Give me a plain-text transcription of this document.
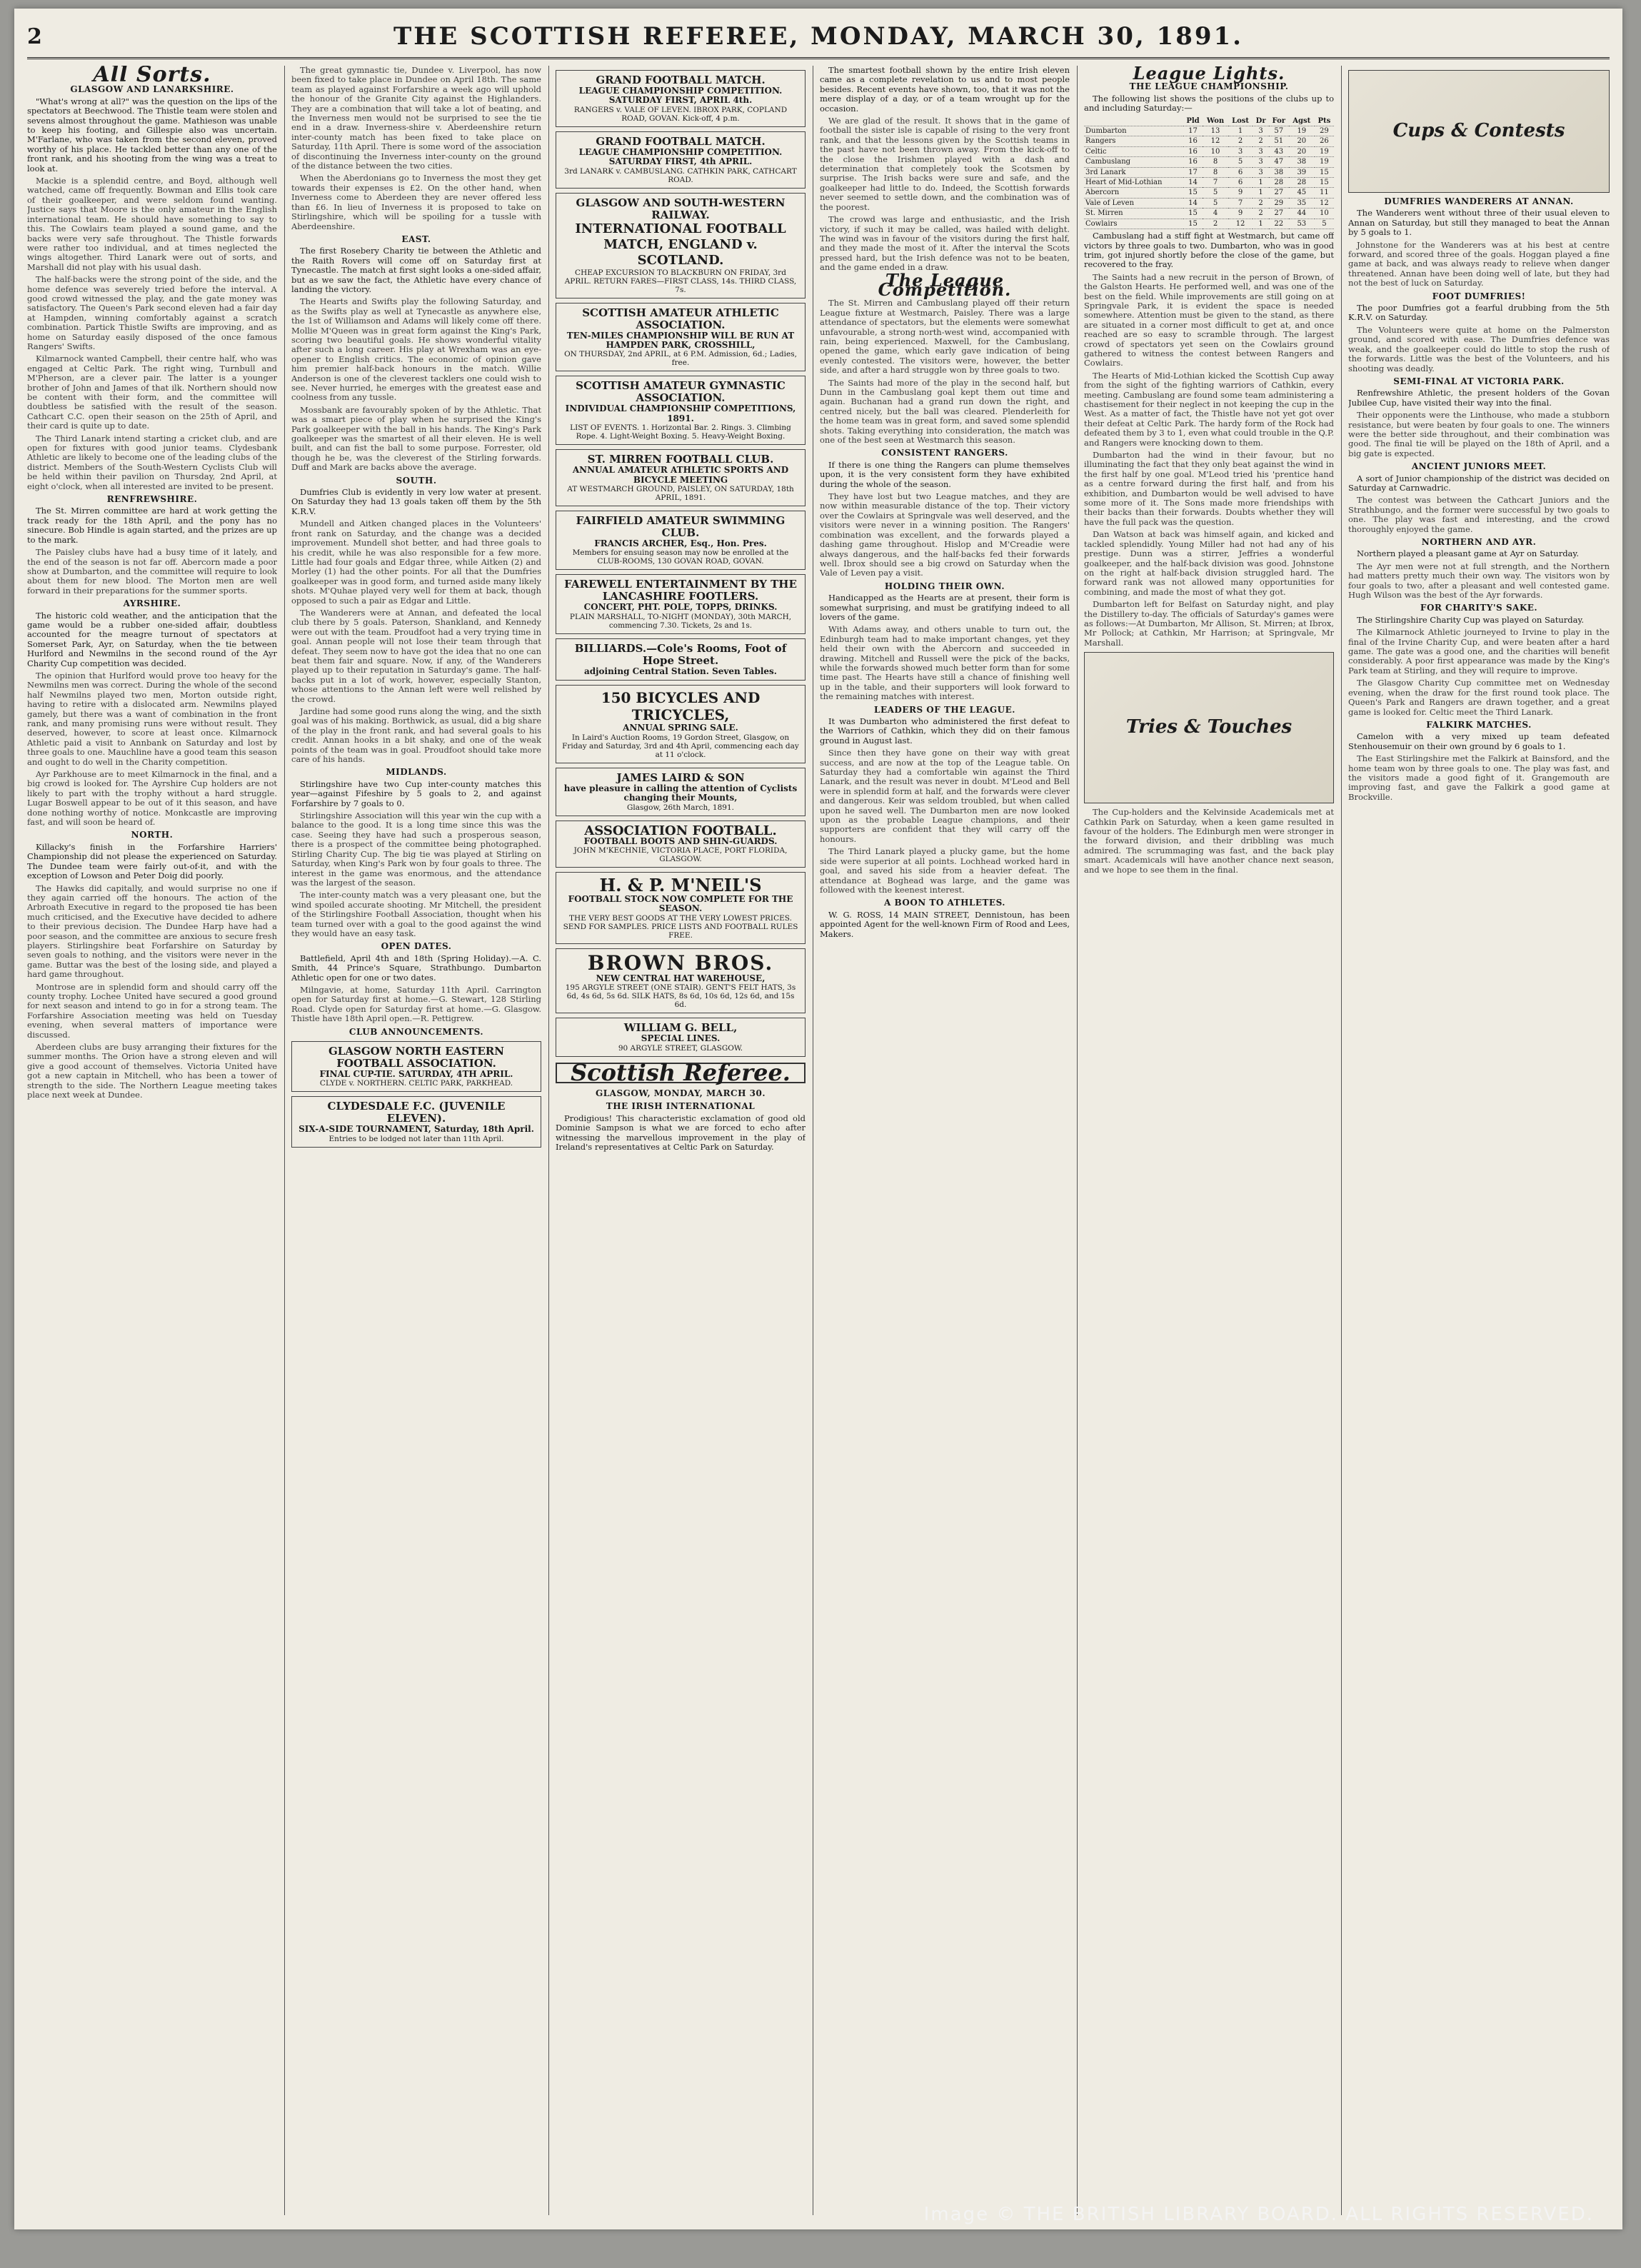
2	THE SCOTTISH REFEREE, MONDAY, MARCH 30, 1891.
All Sorts.
GLASGOW AND LANARKSHIRE.

"What's wrong at all?" was the question on the lips of the spectators at Beechwood. The Thistle team were stolen and sevens almost throughout the game. Mathieson was unable to keep his footing, and Gillespie also was uncertain. M'Farlane, who was taken from the second eleven, proved worthy of his place. He tackled better than any one of the front rank, and his shooting from the wing was a treat to look at.

Mackie is a splendid centre, and Boyd, although well watched, came off frequently. Bowman and Ellis took care of their goalkeeper, and were seldom found wanting. Justice says that Moore is the only amateur in the English international team. He should have something to say to this. The Cowlairs team played a sound game, and the backs were very safe throughout. The Thistle forwards were rather too individual, and at times neglected the wings altogether. Third Lanark were out of sorts, and Marshall did not play with his usual dash.

The half-backs were the strong point of the side, and the home defence was severely tried before the interval. A good crowd witnessed the play, and the gate money was satisfactory. The Queen's Park second eleven had a fair day at Hampden, winning comfortably against a scratch combination. Partick Thistle Swifts are improving, and as home on Saturday easily disposed of the once famous Rangers' Swifts.

Kilmarnock wanted Campbell, their centre half, who was engaged at Celtic Park. The right wing, Turnbull and M'Pherson, are a clever pair. The latter is a younger brother of John and James of that ilk. Northern should now be content with their form, and the committee will doubtless be satisfied with the result of the season. Cathcart C.C. open their season on the 25th of April, and their card is quite up to date.

The Third Lanark intend starting a cricket club, and are open for fixtures with good junior teams. Clydesbank Athletic are likely to become one of the leading clubs of the district. Members of the South-Western Cyclists Club will be held within their pavilion on Thursday, 2nd April, at eight o'clock, when all interested are invited to be present.

RENFREWSHIRE.

The St. Mirren committee are hard at work getting the track ready for the 18th April, and the pony has no sinecure. Bob Hindle is again started, and the prizes are up to the mark.

The Paisley clubs have had a busy time of it lately, and the end of the season is not far off. Abercorn made a poor show at Dumbarton, and the committee will require to look about them for new blood. The Morton men are well forward in their preparations for the summer sports.

AYRSHIRE.

The historic cold weather, and the anticipation that the game would be a rubber one-sided affair, doubtless accounted for the meagre turnout of spectators at Somerset Park, Ayr, on Saturday, when the tie between Hurlford and Newmilns in the second round of the Ayr Charity Cup competition was decided.

The opinion that Hurlford would prove too heavy for the Newmilns men was correct. During the whole of the second half Newmilns played two men, Morton outside right, having to retire with a dislocated arm. Newmilns played gamely, but there was a want of combination in the front rank, and many promising runs were without result. They deserved, however, to score at least once. Kilmarnock Athletic paid a visit to Annbank on Saturday and lost by three goals to one. Mauchline have a good team this season and ought to do well in the Charity competition.

Ayr Parkhouse are to meet Kilmarnock in the final, and a big crowd is looked for. The Ayrshire Cup holders are not likely to part with the trophy without a hard struggle. Lugar Boswell appear to be out of it this season, and have done nothing worthy of notice. Monkcastle are improving fast, and will soon be heard of.

NORTH.

Killacky's finish in the Forfarshire Harriers' Championship did not please the experienced on Saturday. The Dundee team were fairly out-of-it, and with the exception of Lowson and Peter Doig did poorly.

The Hawks did capitally, and would surprise no one if they again carried off the honours. The action of the Arbroath Executive in regard to the proposed tie has been much criticised, and the Executive have decided to adhere to their previous decision. The Dundee Harp have had a poor season, and the committee are anxious to secure fresh players. Stirlingshire beat Forfarshire on Saturday by seven goals to nothing, and the visitors were never in the game. Buttar was the best of the losing side, and played a hard game throughout.

Montrose are in splendid form and should carry off the county trophy. Lochee United have secured a good ground for next season and intend to go in for a strong team. The Forfarshire Association meeting was held on Tuesday evening, when several matters of importance were discussed.

Aberdeen clubs are busy arranging their fixtures for the summer months. The Orion have a strong eleven and will give a good account of themselves. Victoria United have got a new captain in Mitchell, who has been a tower of strength to the side. The Northern League meeting takes place next week at Dundee.

The great gymnastic tie, Dundee v. Liverpool, has now been fixed to take place in Dundee on April 18th. The same team as played against Forfarshire a week ago will uphold the honour of the Granite City against the Highlanders. They are a combination that will take a lot of beating, and the Inverness men would not be surprised to see the tie end in a draw. Inverness-shire v. Aberdeenshire return inter-county match has been fixed to take place on Saturday, 11th April. There is some word of the association of discontinuing the Inverness inter-county on the ground of the distance between the two cities.

When the Aberdonians go to Inverness the most they get towards their expenses is £2. On the other hand, when Inverness come to Aberdeen they are never offered less than £6. In lieu of Inverness it is proposed to take on Stirlingshire, which will be spoiling for a tussle with Aberdeenshire.

EAST.

The first Rosebery Charity tie between the Athletic and the Raith Rovers will come off on Saturday first at Tynecastle. The match at first sight looks a one-sided affair, but as we saw the fact, the Athletic have every chance of landing the victory.

The Hearts and Swifts play the following Saturday, and as the Swifts play as well at Tynecastle as anywhere else, the 1st of Williamson and Adams will likely come off there. Mollie M'Queen was in great form against the King's Park, scoring two beautiful goals. He shows wonderful vitality after such a long career. His play at Wrexham was an eye-opener to English critics. The economic of opinion gave him premier half-back honours in the match. Willie Anderson is one of the cleverest tacklers one could wish to see. Never hurried, he emerges with the greatest ease and coolness from any tussle.

Mossbank are favourably spoken of by the Athletic. That was a smart piece of play when he surprised the King's Park goalkeeper with the ball in his hands. The King's Park goalkeeper was the smartest of all their eleven. He is well built, and can fist the ball to some purpose. Forrester, old though he be, was the cleverest of the Stirling forwards. Duff and Mark are backs above the average.

SOUTH.

Dumfries Club is evidently in very low water at present. On Saturday they had 13 goals taken off them by the 5th K.R.V.

Mundell and Aitken changed places in the Volunteers' front rank on Saturday, and the change was a decided improvement. Mundell shot better, and had three goals to his credit, while he was also responsible for a few more. Little had four goals and Edgar three, while Aitken (2) and Morley (1) had the other points. For all that the Dumfries goalkeeper was in good form, and turned aside many likely shots. M'Quhae played very well for them at back, though opposed to such a pair as Edgar and Little.

The Wanderers were at Annan, and defeated the local club there by 5 goals. Paterson, Shankland, and Kennedy were out with the team. Proudfoot had a very trying time in goal. Annan people will not lose their team through that defeat. They seem now to have got the idea that no one can beat them fair and square. Now, if any, of the Wanderers played up to their reputation in Saturday's game. The half-backs put in a lot of work, however, especially Stanton, whose attentions to the Annan left were well relished by the crowd.

Jardine had some good runs along the wing, and the sixth goal was of his making. Borthwick, as usual, did a big share of the play in the front rank, and had several goals to his credit. Annan hooks in a bit shaky, and one of the weak points of the team was in goal. Proudfoot should take more care of his hands.

MIDLANDS.

Stirlingshire have two Cup inter-county matches this year—against Fifeshire by 5 goals to 2, and against Forfarshire by 7 goals to 0.

Stirlingshire Association will this year win the cup with a balance to the good. It is a long time since this was the case. Seeing they have had such a prosperous season, there is a prospect of the committee being photographed. Stirling Charity Cup. The big tie was played at Stirling on Saturday, when King's Park won by four goals to three. The interest in the game was enormous, and the attendance was the largest of the season.

The inter-county match was a very pleasant one, but the wind spoiled accurate shooting. Mr Mitchell, the president of the Stirlingshire Football Association, thought when his team turned over with a goal to the good against the wind they would have an easy task.

OPEN DATES.

Battlefield, April 4th and 18th (Spring Holiday).—A. C. Smith, 44 Prince's Square, Strathbungo. Dumbarton Athletic open for one or two dates.

Milngavie, at home, Saturday 11th April. Carrington open for Saturday first at home.—G. Stewart, 128 Stirling Road. Clyde open for Saturday first at home.—G. Glasgow. Thistle have 18th April open.—R. Pettigrew.

CLUB ANNOUNCEMENTS.
GLASGOW NORTH EASTERN FOOTBALL ASSOCIATION.
FINAL CUP-TIE. SATURDAY, 4TH APRIL.
CLYDE v. NORTHERN. CELTIC PARK, PARKHEAD.
CLYDESDALE F.C. (JUVENILE ELEVEN).
SIX-A-SIDE TOURNAMENT, Saturday, 18th April.
Entries to be lodged not later than 11th April.
GRAND FOOTBALL MATCH.
LEAGUE CHAMPIONSHIP COMPETITION. SATURDAY FIRST, APRIL 4th.
RANGERS v. VALE OF LEVEN. IBROX PARK, COPLAND ROAD, GOVAN. Kick-off, 4 p.m.
GRAND FOOTBALL MATCH.
LEAGUE CHAMPIONSHIP COMPETITION. SATURDAY FIRST, 4th APRIL.
3rd LANARK v. CAMBUSLANG. CATHKIN PARK, CATHCART ROAD.
GLASGOW AND SOUTH-WESTERN RAILWAY.
INTERNATIONAL FOOTBALL MATCH, ENGLAND v. SCOTLAND.
CHEAP EXCURSION TO BLACKBURN ON FRIDAY, 3rd APRIL. RETURN FARES—FIRST CLASS, 14s. THIRD CLASS, 7s.
SCOTTISH AMATEUR ATHLETIC ASSOCIATION.
TEN-MILES CHAMPIONSHIP WILL BE RUN AT HAMPDEN PARK, CROSSHILL,
ON THURSDAY, 2nd APRIL, at 6 P.M. Admission, 6d.; Ladies, free.
SCOTTISH AMATEUR GYMNASTIC ASSOCIATION.
INDIVIDUAL CHAMPIONSHIP COMPETITIONS, 1891.
LIST OF EVENTS. 1. Horizontal Bar. 2. Rings. 3. Climbing Rope. 4. Light-Weight Boxing. 5. Heavy-Weight Boxing.
ST. MIRREN FOOTBALL CLUB.
ANNUAL AMATEUR ATHLETIC SPORTS AND BICYCLE MEETING
AT WESTMARCH GROUND, PAISLEY, ON SATURDAY, 18th APRIL, 1891.
FAIRFIELD AMATEUR SWIMMING CLUB.
FRANCIS ARCHER, Esq., Hon. Pres.
Members for ensuing season may now be enrolled at the CLUB-ROOMS, 130 GOVAN ROAD, GOVAN.
FAREWELL ENTERTAINMENT BY THE LANCASHIRE FOOTLERS.
CONCERT, PHT. POLE, TOPPS, DRINKS.
PLAIN MARSHALL, TO-NIGHT (MONDAY), 30th MARCH, commencing 7.30. Tickets, 2s and 1s.
BILLIARDS.—Cole's Rooms, Foot of Hope Street.
adjoining Central Station. Seven Tables.
150 BICYCLES AND TRICYCLES,
ANNUAL SPRING SALE.
In Laird's Auction Rooms, 19 Gordon Street, Glasgow, on Friday and Saturday, 3rd and 4th April, commencing each day at 11 o'clock.
JAMES LAIRD & SON
have pleasure in calling the attention of Cyclists changing their Mounts,
Glasgow, 26th March, 1891.
ASSOCIATION FOOTBALL.
FOOTBALL BOOTS AND SHIN-GUARDS.
JOHN M'KECHNIE, VICTORIA PLACE, PORT FLORIDA, GLASGOW.
H. & P. M'NEIL'S
FOOTBALL STOCK NOW COMPLETE FOR THE SEASON.
THE VERY BEST GOODS AT THE VERY LOWEST PRICES. SEND FOR SAMPLES. PRICE LISTS AND FOOTBALL RULES FREE.
BROWN BROS.
NEW CENTRAL HAT WAREHOUSE,
195 ARGYLE STREET (ONE STAIR). GENT'S FELT HATS, 3s 6d, 4s 6d, 5s 6d. SILK HATS, 8s 6d, 10s 6d, 12s 6d, and 15s 6d.
WILLIAM G. BELL,
SPECIAL LINES.
90 ARGYLE STREET, GLASGOW.
Scottish Referee.
GLASGOW, MONDAY, MARCH 30.
THE IRISH INTERNATIONAL

Prodigious! This characteristic exclamation of good old Dominie Sampson is what we are forced to echo after witnessing the marvellous improvement in the play of Ireland's representatives at Celtic Park on Saturday.

The smartest football shown by the entire Irish eleven came as a complete revelation to us and to most people besides. Recent events have shown, too, that it was not the mere display of a day, or of a team wrought up for the occasion.

We are glad of the result. It shows that in the game of football the sister isle is capable of rising to the very front rank, and that the lessons given by the Scottish teams in the past have not been thrown away. From the kick-off to the close the Irishmen played with a dash and determination that completely took the Scotsmen by surprise. The Irish backs were sure and safe, and the goalkeeper had little to do. Indeed, the Scottish forwards never seemed to settle down, and the combination was of the poorest.

The crowd was large and enthusiastic, and the Irish victory, if such it may be called, was hailed with delight. The wind was in favour of the visitors during the first half, and they made the most of it. After the interval the Scots pressed hard, but the Irish defence was not to be beaten, and the game ended in a draw.

The League Competition.

The St. Mirren and Cambuslang played off their return League fixture at Westmarch, Paisley. There was a large attendance of spectators, but the elements were somewhat unfavourable, a strong north-west wind, accompanied with rain, being experienced. Maxwell, for the Cambuslang, opened the game, which early gave indication of being evenly contested. The visitors were, however, the better side, and after a hard struggle won by three goals to two.

The Saints had more of the play in the second half, but Dunn in the Cambuslang goal kept them out time and again. Buchanan had a grand run down the right, and centred nicely, but the ball was cleared. Plenderleith for the home team was in great form, and saved some splendid shots. Taking everything into consideration, the match was one of the best seen at Westmarch this season.

CONSISTENT RANGERS.

If there is one thing the Rangers can plume themselves upon, it is the very consistent form they have exhibited during the whole of the season.

They have lost but two League matches, and they are now within measurable distance of the top. Their victory over the Cowlairs at Springvale was well deserved, and the visitors were never in a winning position. The Rangers' combination was excellent, and the forwards played a dashing game throughout. Hislop and M'Creadie were always dangerous, and the half-backs fed their forwards well. Ibrox should see a big crowd on Saturday when the Vale of Leven pay a visit.

HOLDING THEIR OWN.

Handicapped as the Hearts are at present, their form is somewhat surprising, and must be gratifying indeed to all lovers of the game.

With Adams away, and others unable to turn out, the Edinburgh team had to make important changes, yet they held their own with the Abercorn and succeeded in drawing. Mitchell and Russell were the pick of the backs, while the forwards showed much better form than for some time past. The Hearts have still a chance of finishing well up in the table, and their supporters will look forward to the remaining matches with interest.

LEADERS OF THE LEAGUE.

It was Dumbarton who administered the first defeat to the Warriors of Cathkin, which they did on their famous ground in August last.

Since then they have gone on their way with great success, and are now at the top of the League table. On Saturday they had a comfortable win against the Third Lanark, and the result was never in doubt. M'Leod and Bell were in splendid form at half, and the forwards were clever and dangerous. Keir was seldom troubled, but when called upon he saved well. The Dumbarton men are now looked upon as the probable League champions, and their supporters are confident that they will carry off the honours.

The Third Lanark played a plucky game, but the home side were superior at all points. Lochhead worked hard in goal, and saved his side from a heavier defeat. The attendance at Boghead was large, and the game was followed with the keenest interest.

A BOON TO ATHLETES.

W. G. ROSS, 14 MAIN STREET, Dennistoun, has been appointed Agent for the well-known Firm of Rood and Lees, Makers.

League Lights.
THE LEAGUE CHAMPIONSHIP.

The following list shows the positions of the clubs up to and including Saturday:—

	Pld	Won	Lost	Dr	For	Agst	Pts
Dumbarton	17	13	1	3	57	19	29
Rangers	16	12	2	2	51	20	26
Celtic	16	10	3	3	43	20	19
Cambuslang	16	8	5	3	47	38	19
3rd Lanark	17	8	6	3	38	39	15
Heart of Mid-Lothian	14	7	6	1	28	28	15
Abercorn	15	5	9	1	27	45	11
Vale of Leven	14	5	7	2	29	35	12
St. Mirren	15	4	9	2	27	44	10
Cowlairs	15	2	12	1	22	53	5

Cambuslang had a stiff fight at Westmarch, but came off victors by three goals to two. Dumbarton, who was in good trim, got injured shortly before the close of the game, but recovered to the fray.

The Saints had a new recruit in the person of Brown, of the Galston Hearts. He performed well, and was one of the best on the field. While improvements are still going on at Springvale Park, it is evident the space is needed somewhere. Attention must be given to the stand, as there are situated in a corner most difficult to get at, and once reached are so easy to scramble through. The largest crowd of spectators yet seen on the Cowlairs ground gathered to witness the contest between Rangers and Cowlairs.

The Hearts of Mid-Lothian kicked the Scottish Cup away from the sight of the fighting warriors of Cathkin, every meeting. Cambuslang are found some team administering a chastisement for their neglect in not keeping the cup in the West. As a matter of fact, the Thistle have not yet got over their defeat at Celtic Park. The hardy form of the Rock had defeated them by 3 to 1, even what could trouble in the Q.P. and Rangers were knocking down to them.

Dumbarton had the wind in their favour, but no illuminating the fact that they only beat against the wind in the first half by one goal. M'Leod tried his 'prentice hand as a centre forward during the first half, and from his exhibition, and Dumbarton would be well advised to have some more of it. The Sons made more friendships with their backs than their forwards. Doubts whether they will have the full pack was the question.

Dan Watson at back was himself again, and kicked and tackled splendidly. Young Miller had not had any of his prestige. Dunn was a stirrer, Jeffries a wonderful goalkeeper, and the half-back division was good. Johnstone on the right at half-back division struggled hard. The forward rank was not allowed many opportunities for combining, and made the most of what they got.

Dumbarton left for Belfast on Saturday night, and play the Distillery to-day. The officials of Saturday's games were as follows:—At Dumbarton, Mr Allison, St. Mirren; at Ibrox, Mr Pollock; at Cathkin, Mr Harrison; at Springvale, Mr Marshall.

Tries & Touches

The Cup-holders and the Kelvinside Academicals met at Cathkin Park on Saturday, when a keen game resulted in favour of the holders. The Edinburgh men were stronger in the forward division, and their dribbling was much admired. The scrummaging was fast, and the back play smart. Academicals will have another chance next season, and we hope to see them in the final.

Cups & Contests
DUMFRIES WANDERERS AT ANNAN.

The Wanderers went without three of their usual eleven to Annan on Saturday, but still they managed to beat the Annan by 5 goals to 1.

Johnstone for the Wanderers was at his best at centre forward, and scored three of the goals. Hoggan played a fine game at back, and was always ready to relieve when danger threatened. Annan have been doing well of late, but they had not the best of luck on Saturday.

FOOT DUMFRIES!

The poor Dumfries got a fearful drubbing from the 5th K.R.V. on Saturday.

The Volunteers were quite at home on the Palmerston ground, and scored with ease. The Dumfries defence was weak, and the goalkeeper could do little to stop the rush of the forwards. Little was the best of the Volunteers, and his shooting was deadly.

SEMI-FINAL AT VICTORIA PARK.

Renfrewshire Athletic, the present holders of the Govan Jubilee Cup, have visited their way into the final.

Their opponents were the Linthouse, who made a stubborn resistance, but were beaten by four goals to one. The winners were the better side throughout, and their combination was good. The final tie will be played on the 18th of April, and a big gate is expected.

ANCIENT JUNIORS MEET.

A sort of Junior championship of the district was decided on Saturday at Carnwadric.

The contest was between the Cathcart Juniors and the Strathbungo, and the former were successful by two goals to one. The play was fast and interesting, and the crowd thoroughly enjoyed the game.

NORTHERN AND AYR.

Northern played a pleasant game at Ayr on Saturday.

The Ayr men were not at full strength, and the Northern had matters pretty much their own way. The visitors won by four goals to two, after a pleasant and well contested game. Hugh Wilson was the best of the Ayr forwards.

FOR CHARITY'S SAKE.

The Stirlingshire Charity Cup was played on Saturday.

The Kilmarnock Athletic journeyed to Irvine to play in the final of the Irvine Charity Cup, and were beaten after a hard game. The gate was a good one, and the charities will benefit considerably. A poor first appearance was made by the King's Park team at Stirling, and they will require to improve.

The Glasgow Charity Cup committee met on Wednesday evening, when the draw for the first round took place. The Queen's Park and Rangers are drawn together, and a great game is looked for. Celtic meet the Third Lanark.

FALKIRK MATCHES.

Camelon with a very mixed up team defeated Stenhousemuir on their own ground by 6 goals to 1.

The East Stirlingshire met the Falkirk at Bainsford, and the home team won by three goals to one. The play was fast, and the visitors made a good fight of it. Grangemouth are improving fast, and gave the Falkirk a good game at Brockville.

Image © THE BRITISH LIBRARY BOARD. ALL RIGHTS RESERVED.
